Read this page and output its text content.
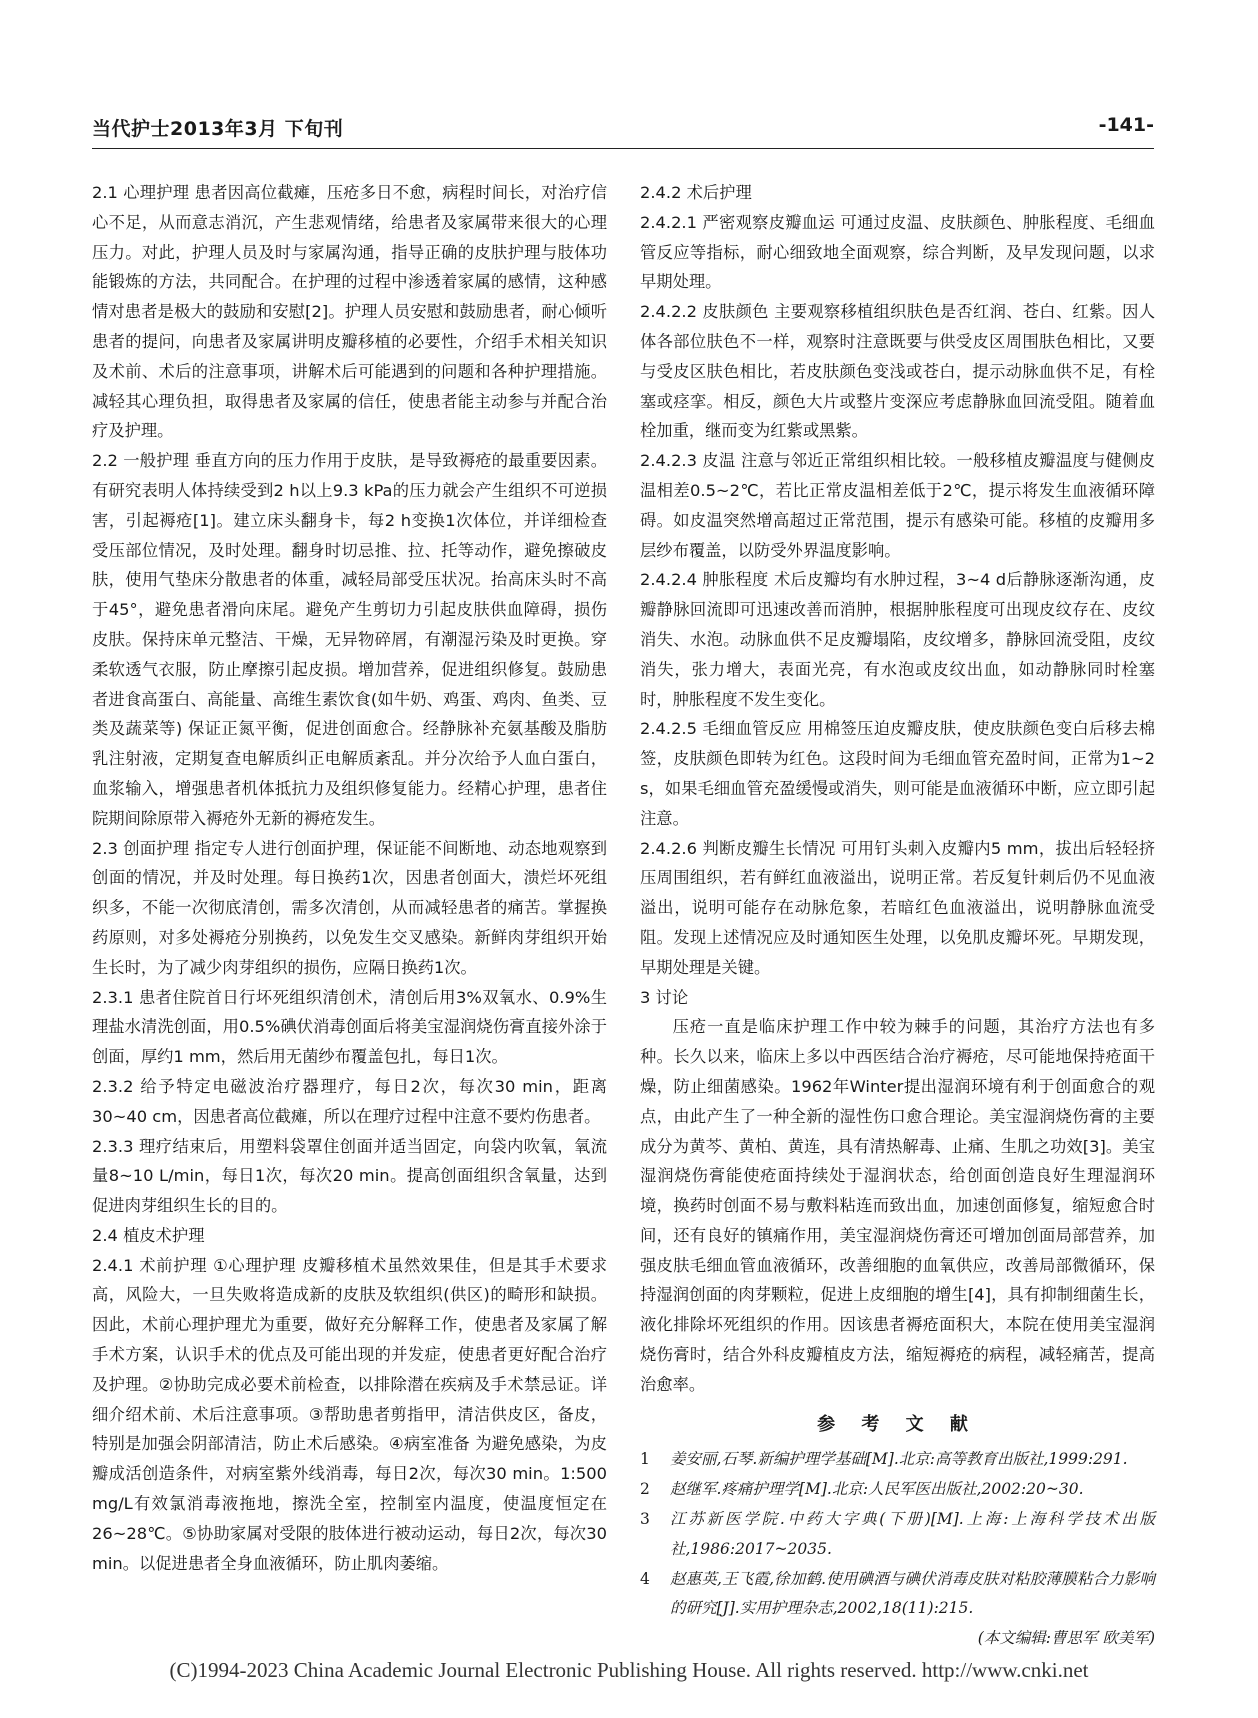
当代护士2013年3月 下旬刊	-141-

2.1 心理护理 患者因高位截瘫，压疮多日不愈，病程时间长，对治疗信心不足，从而意志消沉，产生悲观情绪，给患者及家属带来很大的心理压力。对此，护理人员及时与家属沟通，指导正确的皮肤护理与肢体功能锻炼的方法，共同配合。在护理的过程中渗透着家属的感情，这种感情对患者是极大的鼓励和安慰[2]。护理人员安慰和鼓励患者，耐心倾听患者的提问，向患者及家属讲明皮瓣移植的必要性，介绍手术相关知识及术前、术后的注意事项，讲解术后可能遇到的问题和各种护理措施。减轻其心理负担，取得患者及家属的信任，使患者能主动参与并配合治疗及护理。

2.2 一般护理 垂直方向的压力作用于皮肤，是导致褥疮的最重要因素。有研究表明人体持续受到2 h以上9.3 kPa的压力就会产生组织不可逆损害，引起褥疮[1]。建立床头翻身卡，每2 h变换1次体位，并详细检查受压部位情况，及时处理。翻身时切忌推、拉、托等动作，避免擦破皮肤，使用气垫床分散患者的体重，减轻局部受压状况。抬高床头时不高于45°，避免患者滑向床尾。避免产生剪切力引起皮肤供血障碍，损伤皮肤。保持床单元整洁、干燥，无异物碎屑，有潮湿污染及时更换。穿柔软透气衣服，防止摩擦引起皮损。增加营养，促进组织修复。鼓励患者进食高蛋白、高能量、高维生素饮食(如牛奶、鸡蛋、鸡肉、鱼类、豆类及蔬菜等) 保证正氮平衡，促进创面愈合。经静脉补充氨基酸及脂肪乳注射液，定期复查电解质纠正电解质紊乱。并分次给予人血白蛋白，血浆输入，增强患者机体抵抗力及组织修复能力。经精心护理，患者住院期间除原带入褥疮外无新的褥疮发生。

2.3 创面护理 指定专人进行创面护理，保证能不间断地、动态地观察到创面的情况，并及时处理。每日换药1次，因患者创面大，溃烂坏死组织多，不能一次彻底清创，需多次清创，从而减轻患者的痛苦。掌握换药原则，对多处褥疮分别换药，以免发生交叉感染。新鲜肉芽组织开始生长时，为了减少肉芽组织的损伤，应隔日换药1次。

2.3.1 患者住院首日行坏死组织清创术，清创后用3%双氧水、0.9%生理盐水清洗创面，用0.5%碘伏消毒创面后将美宝湿润烧伤膏直接外涂于创面，厚约1 mm，然后用无菌纱布覆盖包扎，每日1次。

2.3.2 给予特定电磁波治疗器理疗，每日2次，每次30 min，距离30~40 cm，因患者高位截瘫，所以在理疗过程中注意不要灼伤患者。

2.3.3 理疗结束后，用塑料袋罩住创面并适当固定，向袋内吹氧，氧流量8~10 L/min，每日1次，每次20 min。提高创面组织含氧量，达到促进肉芽组织生长的目的。

2.4 植皮术护理

2.4.1 术前护理 ①心理护理 皮瓣移植术虽然效果佳，但是其手术要求高，风险大，一旦失败将造成新的皮肤及软组织(供区)的畸形和缺损。因此，术前心理护理尤为重要，做好充分解释工作，使患者及家属了解手术方案，认识手术的优点及可能出现的并发症，使患者更好配合治疗及护理。②协助完成必要术前检查，以排除潜在疾病及手术禁忌证。详细介绍术前、术后注意事项。③帮助患者剪指甲，清洁供皮区，备皮，特别是加强会阴部清洁，防止术后感染。④病室准备 为避免感染，为皮瓣成活创造条件，对病室紫外线消毒，每日2次，每次30 min。1:500 mg/L有效氯消毒液拖地，擦洗全室，控制室内温度，使温度恒定在26~28℃。⑤协助家属对受限的肢体进行被动运动，每日2次，每次30 min。以促进患者全身血液循环，防止肌肉萎缩。

2.4.2 术后护理

2.4.2.1 严密观察皮瓣血运 可通过皮温、皮肤颜色、肿胀程度、毛细血管反应等指标，耐心细致地全面观察，综合判断，及早发现问题，以求早期处理。

2.4.2.2 皮肤颜色 主要观察移植组织肤色是否红润、苍白、红紫。因人体各部位肤色不一样，观察时注意既要与供受皮区周围肤色相比，又要与受皮区肤色相比，若皮肤颜色变浅或苍白，提示动脉血供不足，有栓塞或痉挛。相反，颜色大片或整片变深应考虑静脉血回流受阻。随着血栓加重，继而变为红紫或黑紫。

2.4.2.3 皮温 注意与邻近正常组织相比较。一般移植皮瓣温度与健侧皮温相差0.5~2℃，若比正常皮温相差低于2℃，提示将发生血液循环障碍。如皮温突然增高超过正常范围，提示有感染可能。移植的皮瓣用多层纱布覆盖，以防受外界温度影响。

2.4.2.4 肿胀程度 术后皮瓣均有水肿过程，3~4 d后静脉逐渐沟通，皮瓣静脉回流即可迅速改善而消肿，根据肿胀程度可出现皮纹存在、皮纹消失、水泡。动脉血供不足皮瓣塌陷，皮纹增多，静脉回流受阻，皮纹消失，张力增大，表面光亮，有水泡或皮纹出血，如动静脉同时栓塞时，肿胀程度不发生变化。

2.4.2.5 毛细血管反应 用棉签压迫皮瓣皮肤，使皮肤颜色变白后移去棉签，皮肤颜色即转为红色。这段时间为毛细血管充盈时间，正常为1~2 s，如果毛细血管充盈缓慢或消失，则可能是血液循环中断，应立即引起注意。

2.4.2.6 判断皮瓣生长情况 可用钉头刺入皮瓣内5 mm，拔出后轻轻挤压周围组织，若有鲜红血液溢出，说明正常。若反复针刺后仍不见血液溢出，说明可能存在动脉危象，若暗红色血液溢出，说明静脉血流受阻。发现上述情况应及时通知医生处理，以免肌皮瓣坏死。早期发现，早期处理是关键。

3 讨论

压疮一直是临床护理工作中较为棘手的问题，其治疗方法也有多种。长久以来，临床上多以中西医结合治疗褥疮，尽可能地保持疮面干燥，防止细菌感染。1962年Winter提出湿润环境有利于创面愈合的观点，由此产生了一种全新的湿性伤口愈合理论。美宝湿润烧伤膏的主要成分为黄芩、黄柏、黄连，具有清热解毒、止痛、生肌之功效[3]。美宝湿润烧伤膏能使疮面持续处于湿润状态，给创面创造良好生理湿润环境，换药时创面不易与敷料粘连而致出血，加速创面修复，缩短愈合时间，还有良好的镇痛作用，美宝湿润烧伤膏还可增加创面局部营养，加强皮肤毛细血管血液循环，改善细胞的血氧供应，改善局部微循环，保持湿润创面的肉芽颗粒，促进上皮细胞的增生[4]，具有抑制细菌生长，液化排除坏死组织的作用。因该患者褥疮面积大，本院在使用美宝湿润烧伤膏时，结合外科皮瓣植皮方法，缩短褥疮的病程，减轻痛苦，提高治愈率。

参 考 文 献
1	姜安丽,石琴.新编护理学基础[M].北京:高等教育出版社,1999:291.
2	赵继军.疼痛护理学[M].北京:人民军医出版社,2002:20~30.
3	江苏新医学院.中药大字典(下册)[M].上海:上海科学技术出版社,1986:2017~2035.
4	赵惠英,王飞霞,徐加鹤.使用碘酒与碘伏消毒皮肤对粘胶薄膜粘合力影响的研究[J].实用护理杂志,2002,18(11):215.
(本文编辑:曹思军 欧美军)
(C)1994-2023 China Academic Journal Electronic Publishing House. All rights reserved. http://www.cnki.net
